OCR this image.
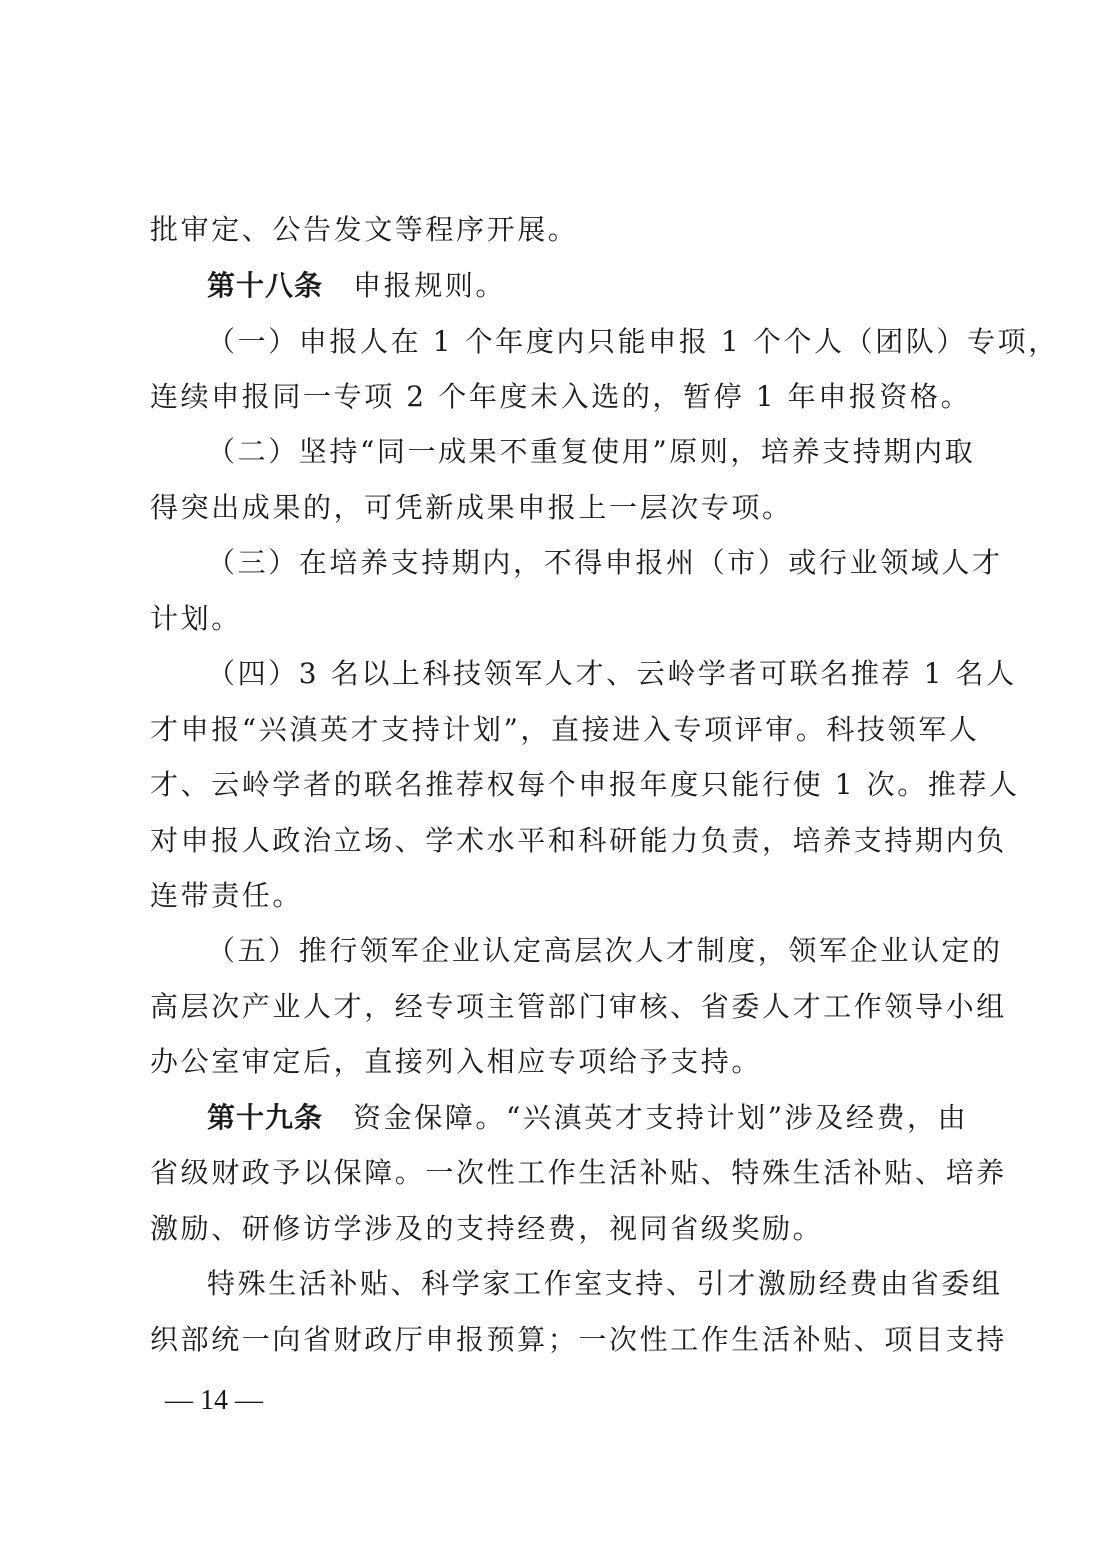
批审定、公告发文等程序开展。
第十八条 申报规则。
（一）申报人在 1 个年度内只能申报 1 个个人（团队）专项，
连续申报同一专项 2 个年度未入选的，暂停 1 年申报资格。
（二）坚持“同一成果不重复使用”原则，培养支持期内取
得突出成果的，可凭新成果申报上一层次专项。
（三）在培养支持期内，不得申报州（市）或行业领域人才
计划。
（四）3 名以上科技领军人才、云岭学者可联名推荐 1 名人
才申报“兴滇英才支持计划”，直接进入专项评审。科技领军人
才、云岭学者的联名推荐权每个申报年度只能行使 1 次。推荐人
对申报人政治立场、学术水平和科研能力负责，培养支持期内负
连带责任。
（五）推行领军企业认定高层次人才制度，领军企业认定的
高层次产业人才，经专项主管部门审核、省委人才工作领导小组
办公室审定后，直接列入相应专项给予支持。
第十九条 资金保障。“兴滇英才支持计划”涉及经费，由
省级财政予以保障。一次性工作生活补贴、特殊生活补贴、培养
激励、研修访学涉及的支持经费，视同省级奖励。
特殊生活补贴、科学家工作室支持、引才激励经费由省委组
织部统一向省财政厅申报预算；一次性工作生活补贴、项目支持
— 14 —
